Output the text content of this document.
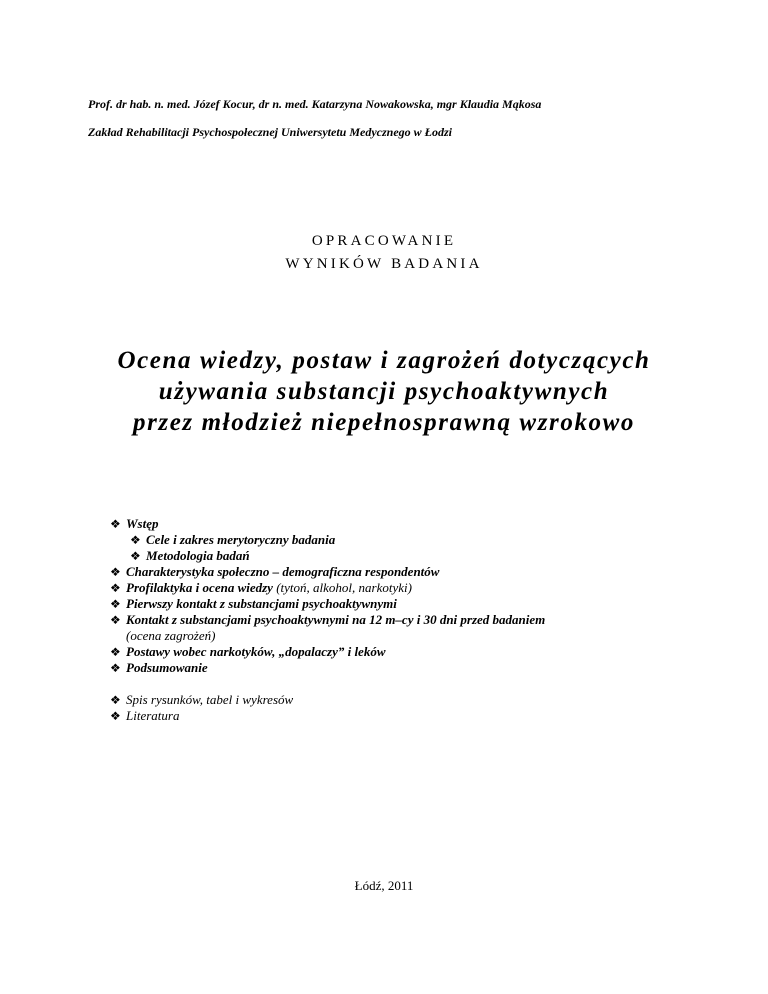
Prof. dr hab. n. med. Józef Kocur, dr n. med. Katarzyna Nowakowska, mgr Klaudia Mąkosa
Zakład Rehabilitacji Psychospołecznej Uniwersytetu Medycznego w Łodzi
OPRACOWANIE
WYNIKÓW BADANIA
Ocena wiedzy, postaw i zagrożeń dotyczących
używania substancji psychoaktywnych
przez młodzież niepełnosprawną wzrokowo
❖ Wstęp
❖ Cele i zakres merytoryczny badania
❖ Metodologia badań
❖ Charakterystyka społeczno – demograficzna respondentów
❖ Profilaktyka i ocena wiedzy (tytoń, alkohol, narkotyki)
❖ Pierwszy kontakt z substancjami psychoaktywnymi
❖ Kontakt z substancjami psychoaktywnymi na 12 m–cy i 30 dni przed badaniem
(ocena zagrożeń)
❖ Postawy wobec narkotyków, „dopalaczy” i leków
❖ Podsumowanie
❖ Spis rysunków, tabel i wykresów
❖ Literatura
Łódź, 2011
